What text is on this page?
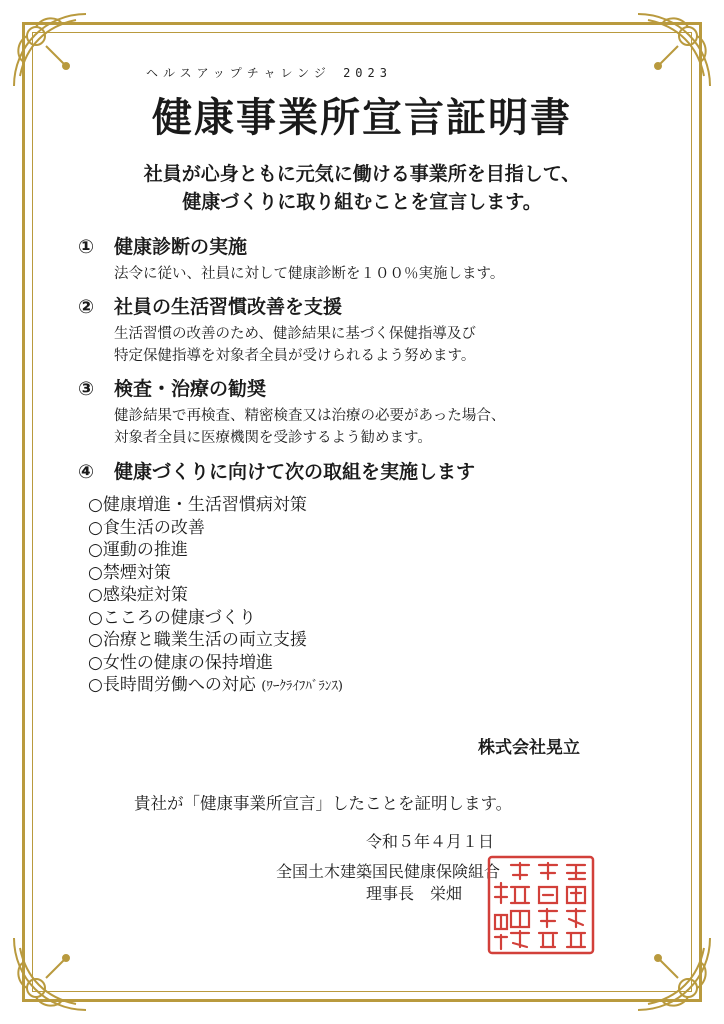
ヘルスアップチャレンジ 2023
健康事業所宣言証明書
社員が心身ともに元気に働ける事業所を目指して、
健康づくりに取り組むことを宣言します。
①	健康診断の実施
法令に従い、社員に対して健康診断を１００％実施します。
②	社員の生活習慣改善を支援
生活習慣の改善のため、健診結果に基づく保健指導及び
特定保健指導を対象者全員が受けられるよう努めます。
③	検査・治療の勧奨
健診結果で再検査、精密検査又は治療の必要があった場合、
対象者全員に医療機関を受診するよう勧めます。
④	健康づくりに向けて次の取組を実施します
○健康増進・生活習慣病対策
○食生活の改善
○運動の推進
○禁煙対策
○感染症対策
○こころの健康づくり
○治療と職業生活の両立支援
○女性の健康の保持増進
○長時間労働への対応 (ﾜｰｸﾗｲﾌﾊﾞﾗﾝｽ)
株式会社晃立
貴社が「健康事業所宣言」したことを証明します。
令和５年４月１日
全国土木建築国民健康保険組合
理事長　栄畑
